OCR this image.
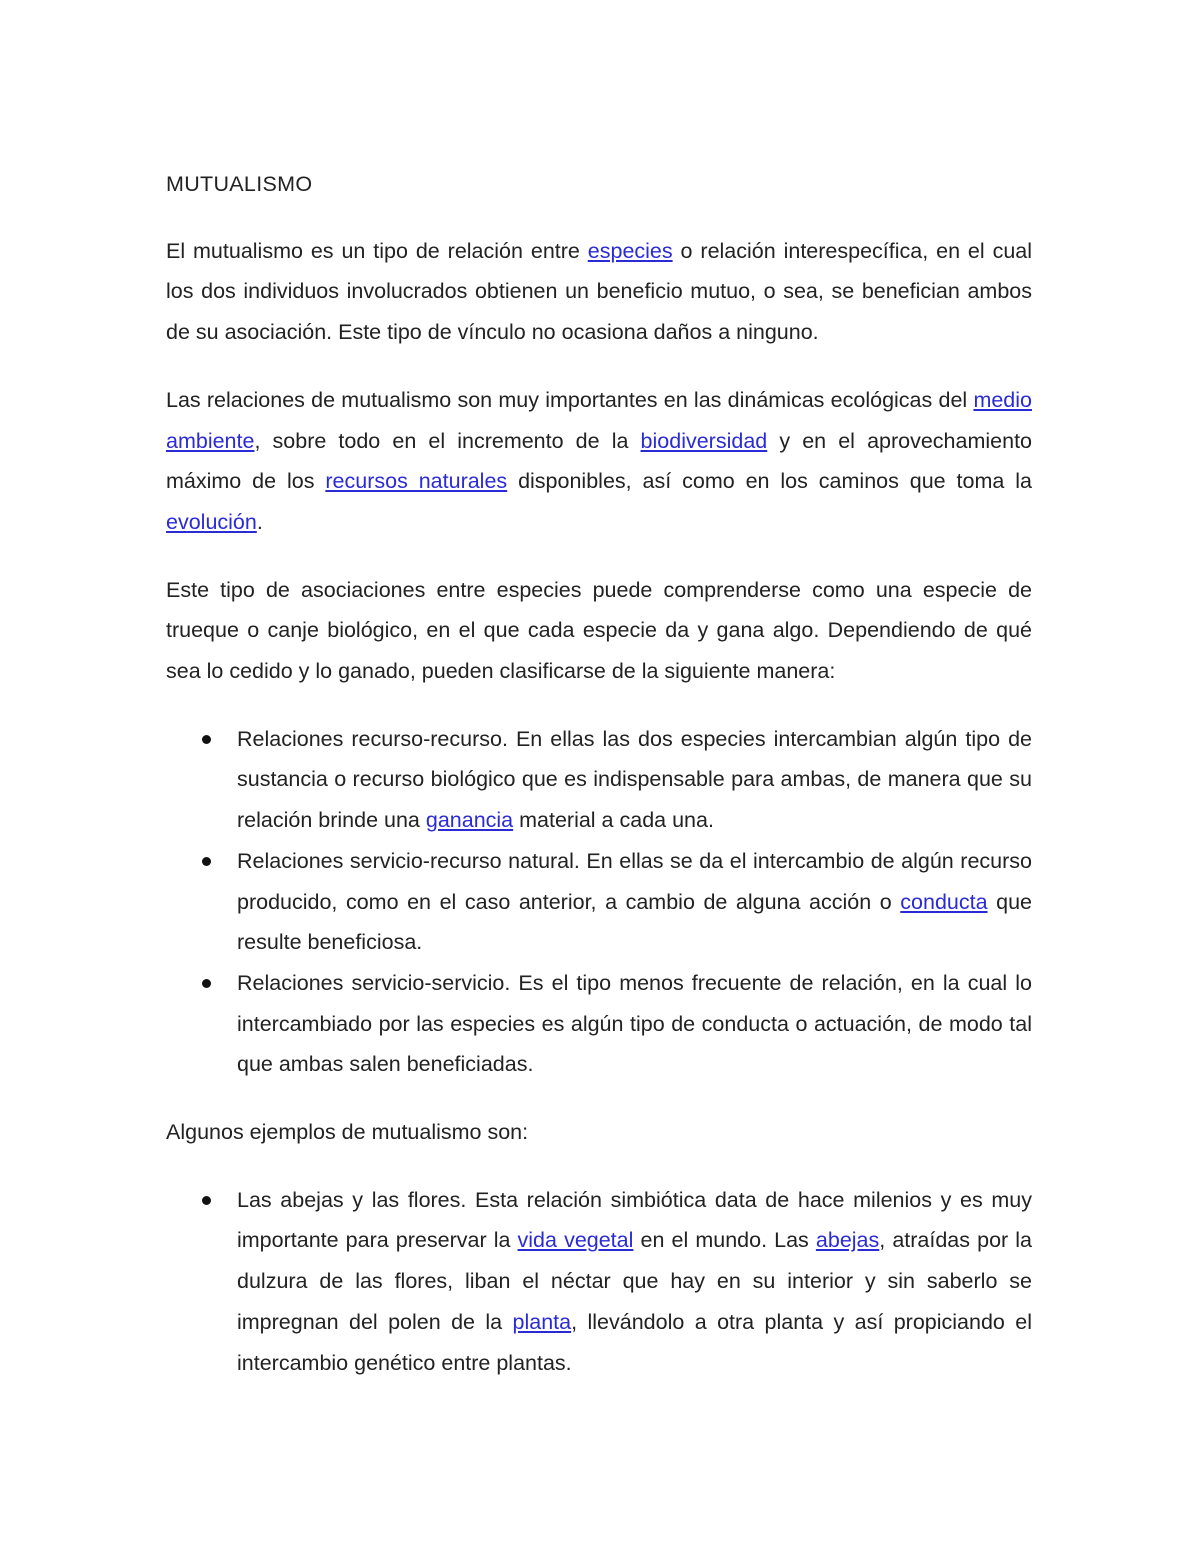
MUTUALISMO

El mutualismo es un tipo de relación entre especies o relación interespecífica, en el cual los dos individuos involucrados obtienen un beneficio mutuo, o sea, se benefician ambos de su asociación. Este tipo de vínculo no ocasiona daños a ninguno.

Las relaciones de mutualismo son muy importantes en las dinámicas ecológicas del medio ambiente, sobre todo en el incremento de la biodiversidad y en el aprovechamiento máximo de los recursos naturales disponibles, así como en los caminos que toma la evolución.

Este tipo de asociaciones entre especies puede comprenderse como una especie de trueque o canje biológico, en el que cada especie da y gana algo. Dependiendo de qué sea lo cedido y lo ganado, pueden clasificarse de la siguiente manera:

Relaciones recurso-recurso. En ellas las dos especies intercambian algún tipo de sustancia o recurso biológico que es indispensable para ambas, de manera que su relación brinde una ganancia material a cada una.
Relaciones servicio-recurso natural. En ellas se da el intercambio de algún recurso producido, como en el caso anterior, a cambio de alguna acción o conducta que resulte beneficiosa.
Relaciones servicio-servicio. Es el tipo menos frecuente de relación, en la cual lo intercambiado por las especies es algún tipo de conducta o actuación, de modo tal que ambas salen beneficiadas.

Algunos ejemplos de mutualismo son:

Las abejas y las flores. Esta relación simbiótica data de hace milenios y es muy importante para preservar la vida vegetal en el mundo. Las abejas, atraídas por la dulzura de las flores, liban el néctar que hay en su interior y sin saberlo se impregnan del polen de la planta, llevándolo a otra planta y así propiciando el intercambio genético entre plantas.
